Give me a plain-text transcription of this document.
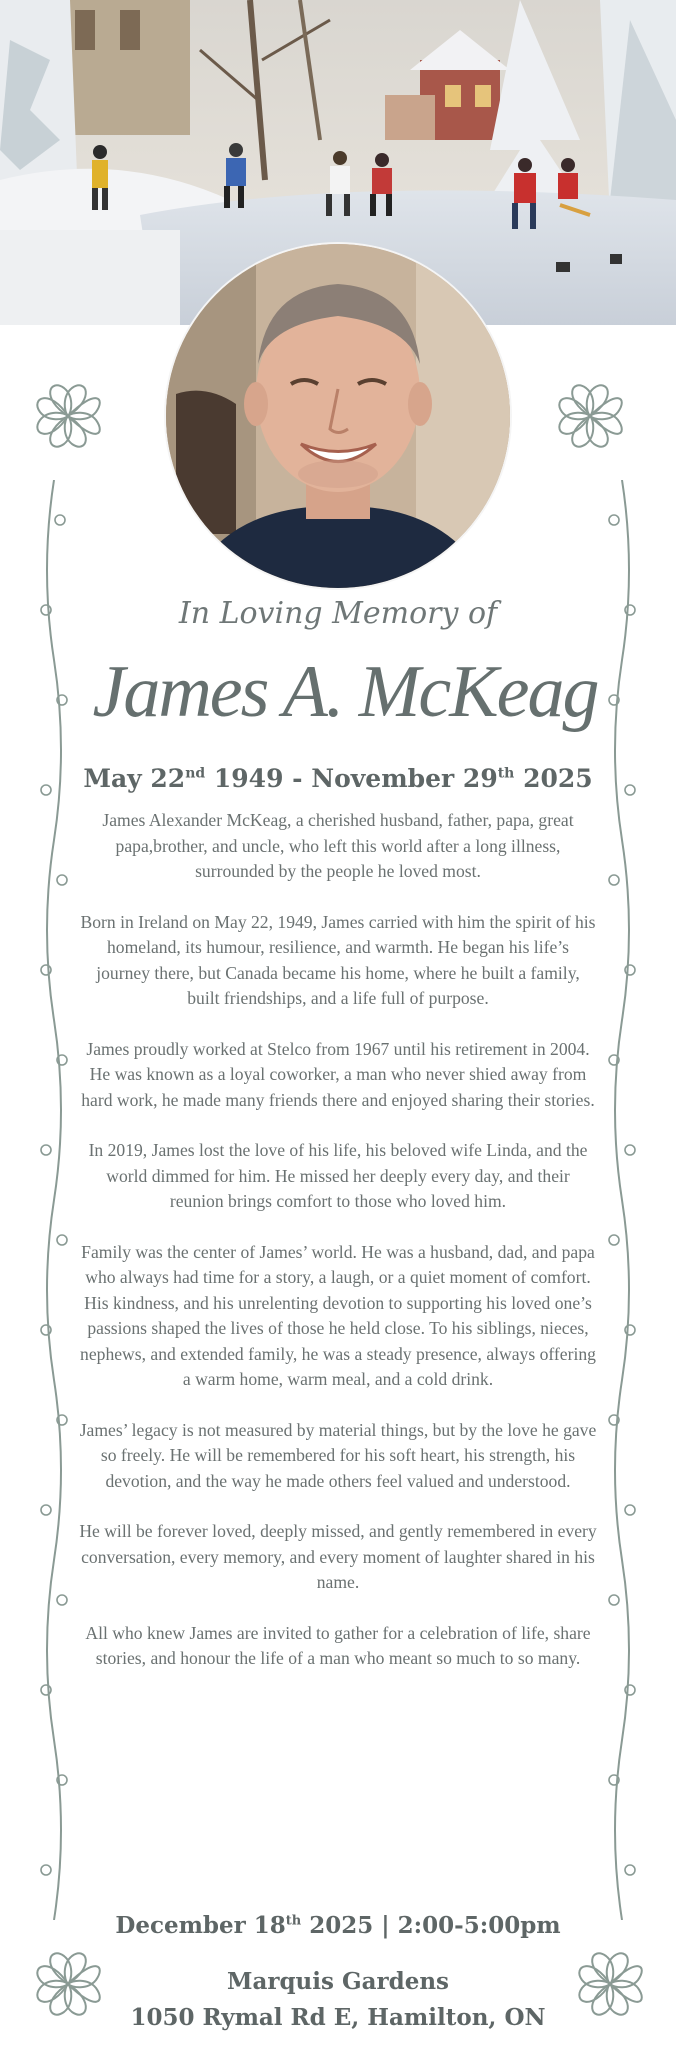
In Loving Memory of
James A. McKeag
May 22nd 1949 - November 29th 2025

James Alexander McKeag, a cherished husband, father, papa, great papa,brother, and uncle, who left this world after a long illness, surrounded by the people he loved most.

Born in Ireland on May 22, 1949, James carried with him the spirit of his homeland, its humour, resilience, and warmth. He began his life’s journey there, but Canada became his home, where he built a family, built friendships, and a life full of purpose.

James proudly worked at Stelco from 1967 until his retirement in 2004. He was known as a loyal coworker, a man who never shied away from hard work, he made many friends there and enjoyed sharing their stories.

In 2019, James lost the love of his life, his beloved wife Linda, and the world dimmed for him. He missed her deeply every day, and their reunion brings comfort to those who loved him.

Family was the center of James’ world. He was a husband, dad, and papa who always had time for a story, a laugh, or a quiet moment of comfort. His kindness, and his unrelenting devotion to supporting his loved one’s passions shaped the lives of those he held close. To his siblings, nieces, nephews, and extended family, he was a steady presence, always offering a warm home, warm meal, and a cold drink.

James’ legacy is not measured by material things, but by the love he gave so freely. He will be remembered for his soft heart, his strength, his devotion, and the way he made others feel valued and understood.

He will be forever loved, deeply missed, and gently remembered in every conversation, every memory, and every moment of laughter shared in his name.

All who knew James are invited to gather for a celebration of life, share stories, and honour the life of a man who meant so much to so many.

December 18th 2025 | 2:00-5:00pm
Marquis Gardens
1050 Rymal Rd E, Hamilton, ON
